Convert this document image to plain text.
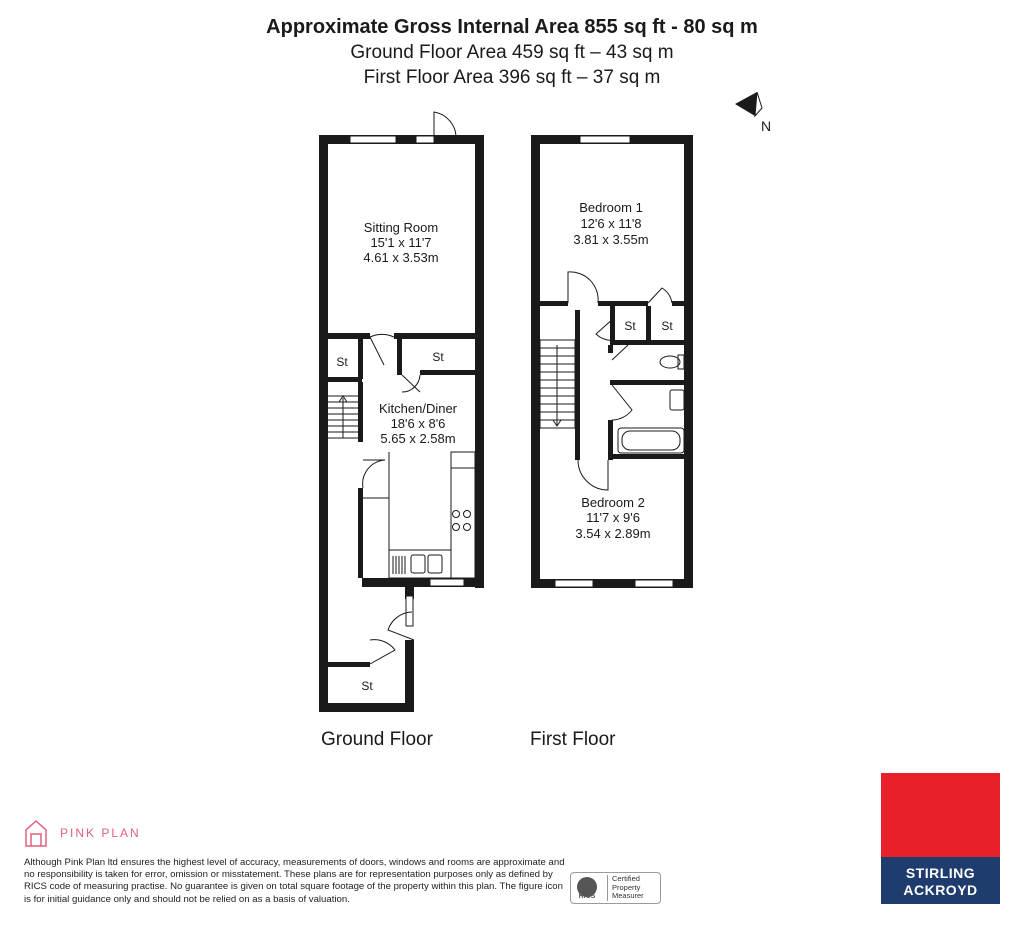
Approximate Gross Internal Area 855 sq ft - 80 sq m
Ground Floor Area 459 sq ft – 43 sq m
First Floor Area 396 sq ft – 37 sq m
N
Sitting Room
15'1 x 11'7
4.61 x 3.53m
Kitchen/Diner
18'6 x 8'6
5.65 x 2.58m
St	St
St
Bedroom 1
12'6 x 11'8
3.81 x 3.55m
Bedroom 2
11'7 x 9'6
3.54 x 2.89m
St St
Ground Floor	First Floor
PINK PLAN
Although Pink Plan ltd ensures the highest level of accuracy, measurements of doors, windows and rooms are approximate and no responsibility is taken for error, omission or misstatement. These plans are for representation purposes only as defined by RICS code of measuring practise. No guarantee is given on total square footage of the property within this plan. The figure icon is for initial guidance only and should not be relied on as a basis of valuation.	RICS
Certified
Property
Measurer
STIRLING
ACKROYD
